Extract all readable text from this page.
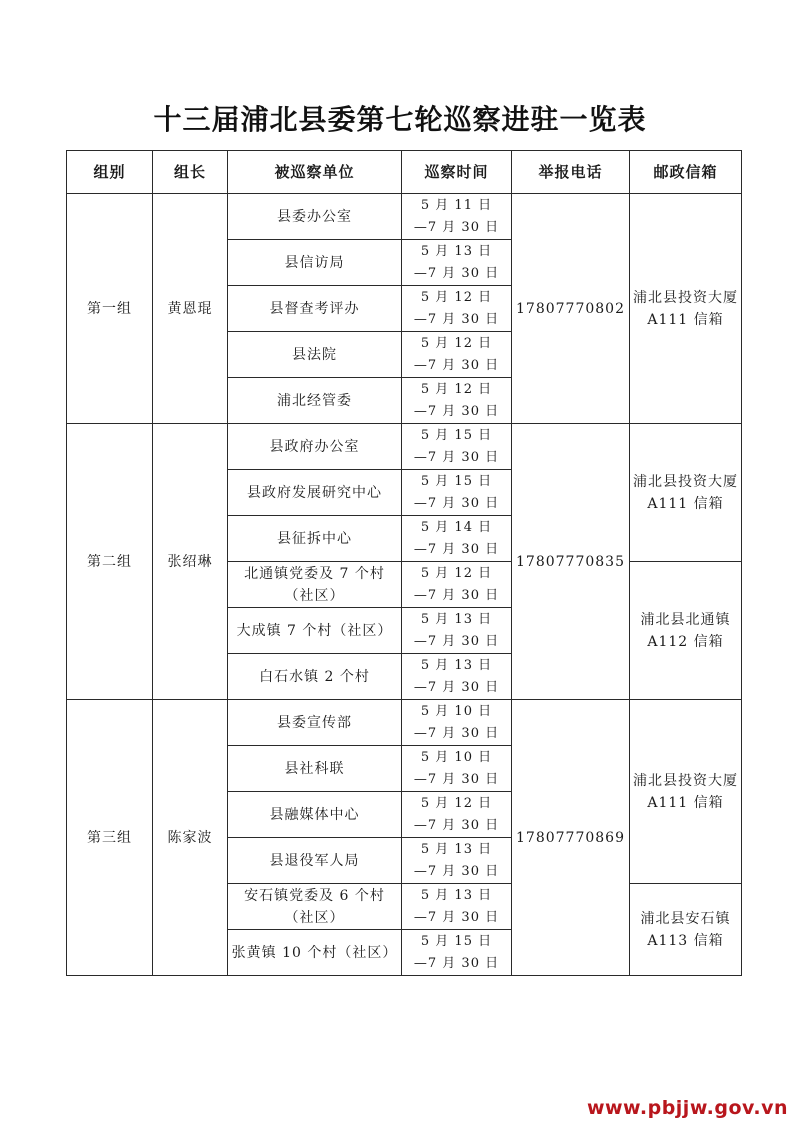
十三届浦北县委第七轮巡察进驻一览表
组别	组长	被巡察单位	巡察时间	举报电话	邮政信箱
第一组	黄恩琨	县委办公室	5 月 11 日
—7 月 30 日	17807770802	浦北县投资大厦 A111 信箱
		县信访局	5 月 13 日
—7 月 30 日		

		县督查考评办	5 月 12 日
—7 月 30 日		

		县法院	5 月 12 日
—7 月 30 日		

		浦北经管委	5 月 12 日
—7 月 30 日		

第二组	张绍琳	县政府办公室	5 月 15 日
—7 月 30 日	17807770835	浦北县投资大厦 A111 信箱
		县政府发展研究中心	5 月 15 日
—7 月 30 日		

		县征拆中心	5 月 14 日
—7 月 30 日		

		北通镇党委及 7 个村（社区）	5 月 12 日
—7 月 30 日		浦北县北通镇 A112 信箱
		大成镇 7 个村（社区）	5 月 13 日
—7 月 30 日		

		白石水镇 2 个村	5 月 13 日
—7 月 30 日		

第三组	陈家波	县委宣传部	5 月 10 日
—7 月 30 日	17807770869	浦北县投资大厦 A111 信箱
		县社科联	5 月 10 日
—7 月 30 日		

		县融媒体中心	5 月 12 日
—7 月 30 日		

		县退役军人局	5 月 13 日
—7 月 30 日		

		安石镇党委及 6 个村（社区）	5 月 13 日
—7 月 30 日		浦北县安石镇 A113 信箱
		张黄镇 10 个村（社区）	5 月 15 日
—7 月 30 日		
www.pbjjw.gov.vn
